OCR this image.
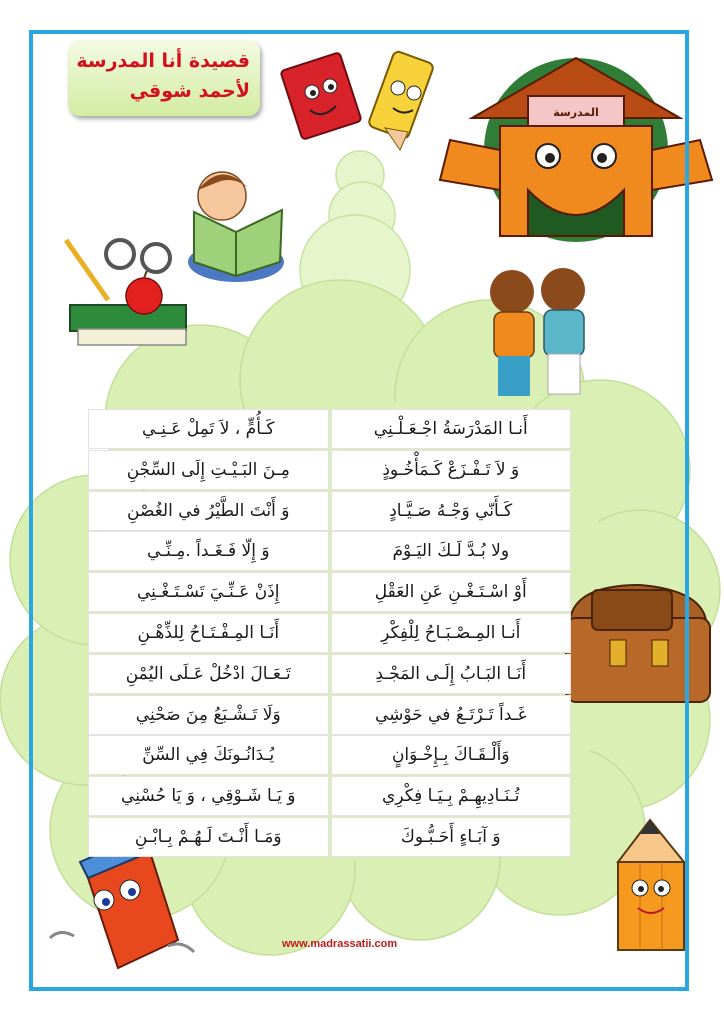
المدرسة
قصيدة أنا المدرسة
لأحمد شوقي
أَنـا المَدْرَسَةُ اجْـعَـلْـنِي
كَـأُمٍّ ، لاَ تَمِلْ عَـنِـي
وَ لاَ تَـفْـزَعْ كَـمَأْخُـوذٍ
مِـنَ البَـيْـتِ إِلَى السِّجْنِ
كَـأَنّي وَجْـهُ صَـيَّـادٍ
وَ أَنْتَ الطَّيْرُ في الغُصْنِ
ولا بُـدَّ لَـكَ اليَـوْمَ
وَ إِلّا فَـغَـداً .مِـنِّـي
أَوْ اسْـتَـغْـنِ عَنِ العَقْلِ
إِذَنْ عَـنِّـيَ تَسْـتَـغْـنِي
أَنـا المِـصْـبَـاحُ لِلْفِكْرِ
أَنَـا المِـفْـتَـاحُ لِلذِّهْـنِ
أَنَـا البَـابُ إِلَـى المَجْـدِ
تَـعَـالَ ادْخُلْ عَـلَى اليُمْنِ
غَـداً تَـرْتَـعُ في حَوْشِي
وَلَا تَـشْـبَعُ مِنَ صَحْنِي
وَأَلْـقَـاكَ بِـإِخْـوَانٍ
يُـدَانُـونَكَ فِي السِّنِّ
تُـنَـادِيهِـمْ بِـيَـا فِكْرِي
وَ يَـا شَـوْقِي ، وَ يَا حُسْنِي
وَ آبَـاءٍ أَحَـبُّـوكَ
وَمَـا أَنْـتَ لَـهُـمْ بِـابْـنِ
www.madrassatii.com
